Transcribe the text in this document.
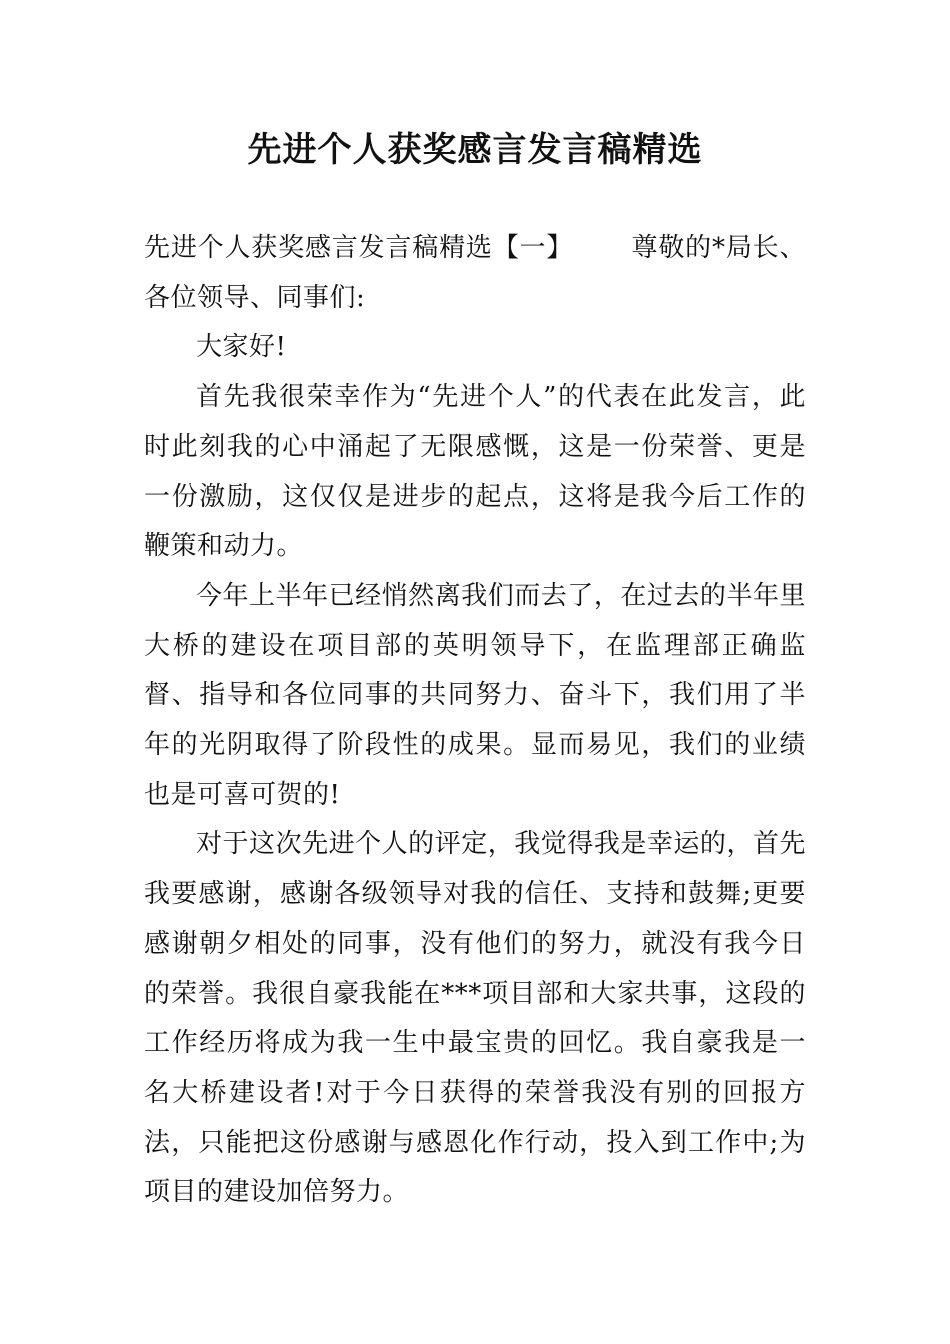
先进个人获奖感言发言稿精选

先进个人获奖感言发言稿精选【一】 尊敬的*局长、各位领导、同事们:

大家好!

首先我很荣幸作为“先进个人”的代表在此发言，此时此刻我的心中涌起了无限感慨，这是一份荣誉、更是一份激励，这仅仅是进步的起点，这将是我今后工作的鞭策和动力。

今年上半年已经悄然离我们而去了，在过去的半年里大桥的建设在项目部的英明领导下，在监理部正确监督、指导和各位同事的共同努力、奋斗下，我们用了半年的光阴取得了阶段性的成果。显而易见，我们的业绩也是可喜可贺的!

对于这次先进个人的评定，我觉得我是幸运的，首先我要感谢，感谢各级领导对我的信任、支持和鼓舞;更要感谢朝夕相处的同事，没有他们的努力，就没有我今日的荣誉。我很自豪我能在***项目部和大家共事，这段的工作经历将成为我一生中最宝贵的回忆。我自豪我是一名大桥建设者!对于今日获得的荣誉我没有别的回报方法，只能把这份感谢与感恩化作行动，投入到工作中;为项目的建设加倍努力。
